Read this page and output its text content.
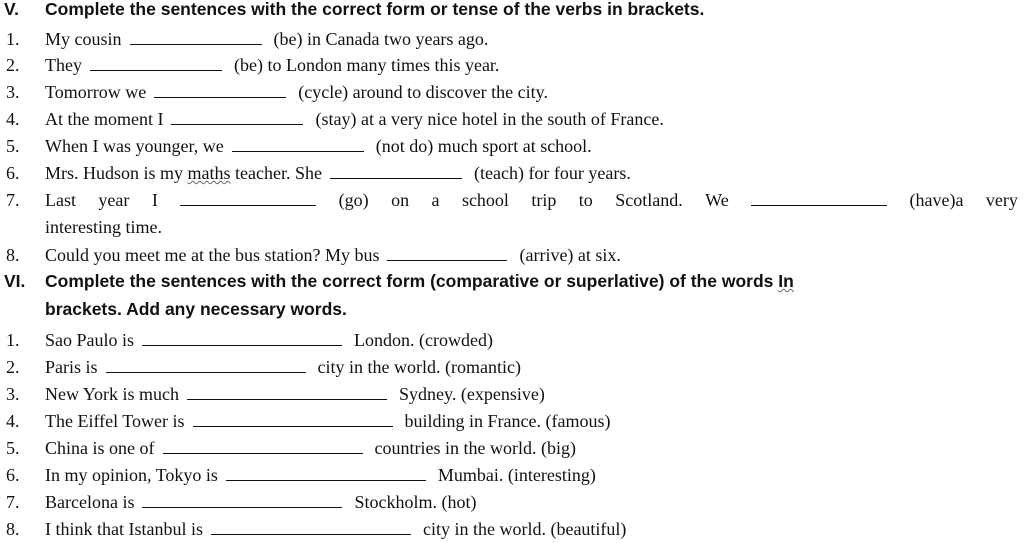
V. Complete the sentences with the correct form or tense of the verbs in brackets.
1. My cousin	(be) in Canada two years ago.
2. They	(be) to London many times this year.
3. Tomorrow we	(cycle) around to discover the city.
4. At the moment I	(stay) at a very nice hotel in the south of France.
5. When I was younger, we	(not do) much sport at school.
6. Mrs. Hudson is my maths teacher. She	(teach) for four years.
7. Last year I	(go) on a school trip to Scotland. We	(have)a very
interesting time.
8. Could you meet me at the bus station? My bus	(arrive) at six.
VI. Complete the sentences with the correct form (comparative or superlative) of the words In
brackets. Add any necessary words.
1. Sao Paulo is	London. (crowded)
2. Paris is	city in the world. (romantic)
3. New York is much	Sydney. (expensive)
4. The Eiffel Tower is	building in France. (famous)
5. China is one of	countries in the world. (big)
6. In my opinion, Tokyo is	Mumbai. (interesting)
7. Barcelona is	Stockholm. (hot)
8. I think that Istanbul is	city in the world. (beautiful)
